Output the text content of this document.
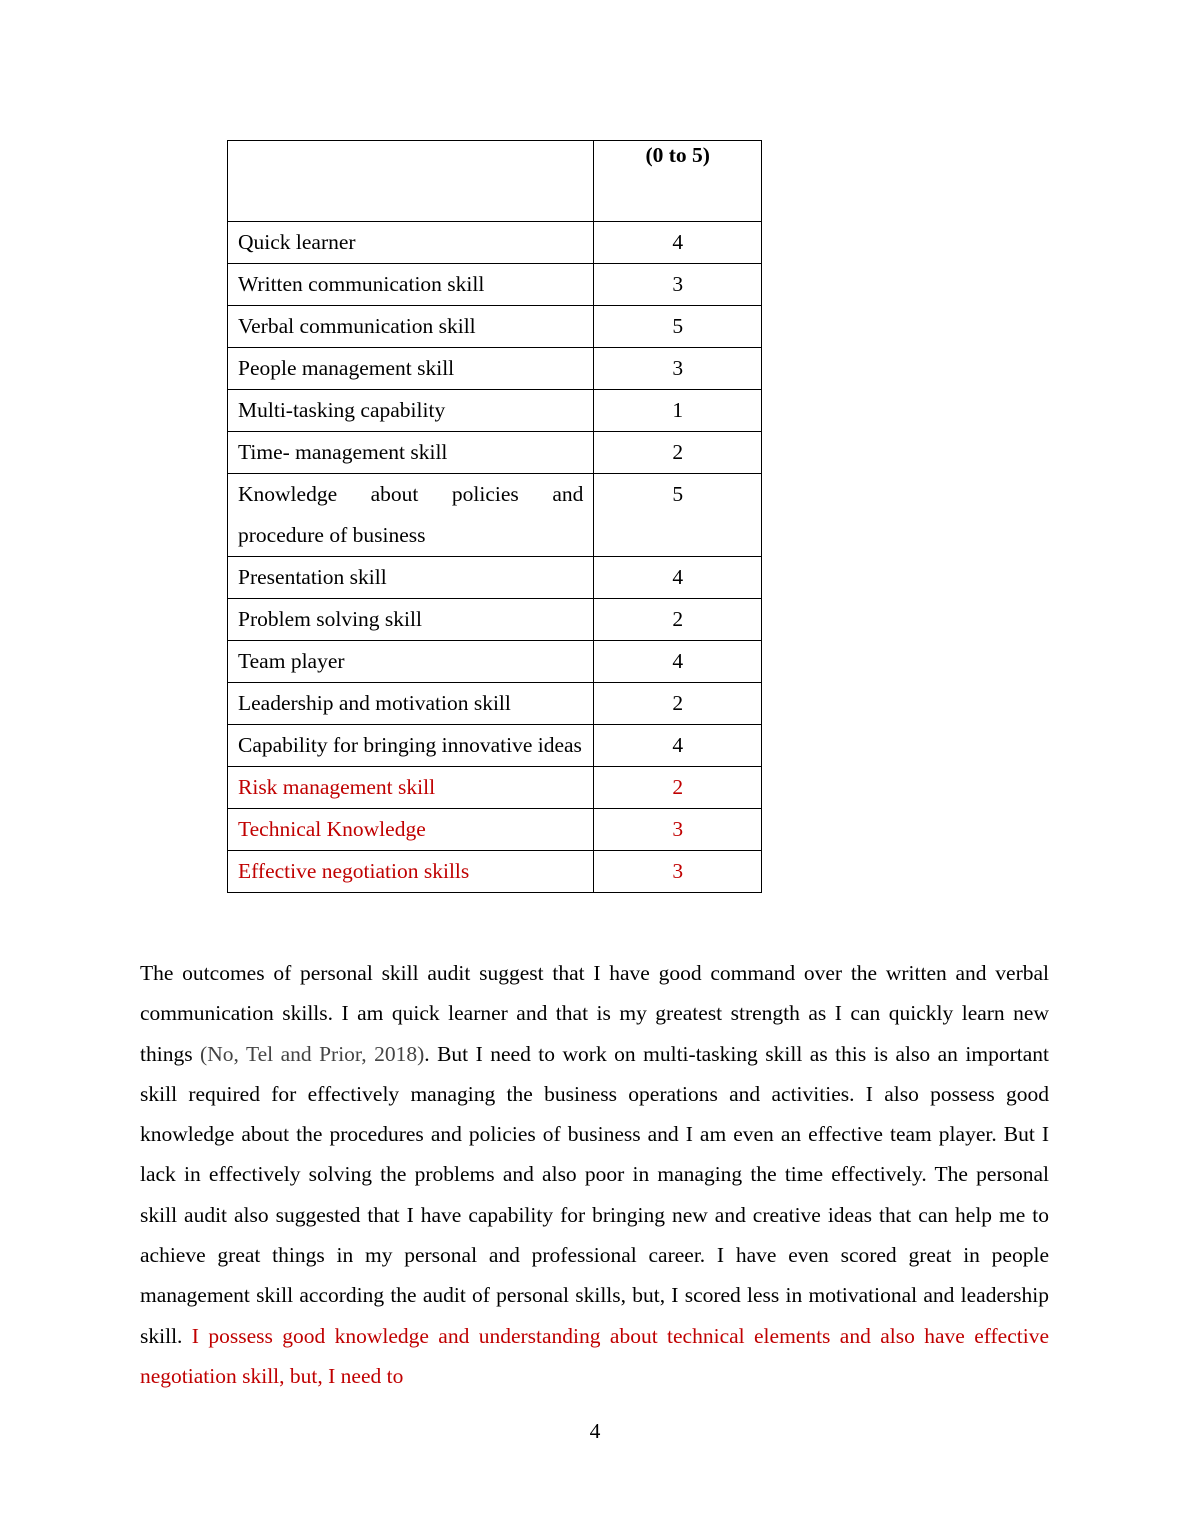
	(0 to 5)
Quick learner	4
Written communication skill	3
Verbal communication skill	5
People management skill	3
Multi-tasking capability	1
Time- management skill	2
Knowledge about policies and procedure of business	5
Presentation skill	4
Problem solving skill	2
Team player	4
Leadership and motivation skill	2
Capability for bringing innovative ideas	4
Risk management skill	2
Technical Knowledge	3
Effective negotiation skills	3

The outcomes of personal skill audit suggest that I have good command over the written and verbal communication skills. I am quick learner and that is my greatest strength as I can quickly learn new things (No, Tel and Prior, 2018). But I need to work on multi-tasking skill as this is also an important skill required for effectively managing the business operations and activities. I also possess good knowledge about the procedures and policies of business and I am even an effective team player. But I lack in effectively solving the problems and also poor in managing the time effectively. The personal skill audit also suggested that I have capability for bringing new and creative ideas that can help me to achieve great things in my personal and professional career. I have even scored great in people management skill according the audit of personal skills, but, I scored less in motivational and leadership skill. I possess good knowledge and understanding about technical elements and also have effective negotiation skill, but, I need to

4
